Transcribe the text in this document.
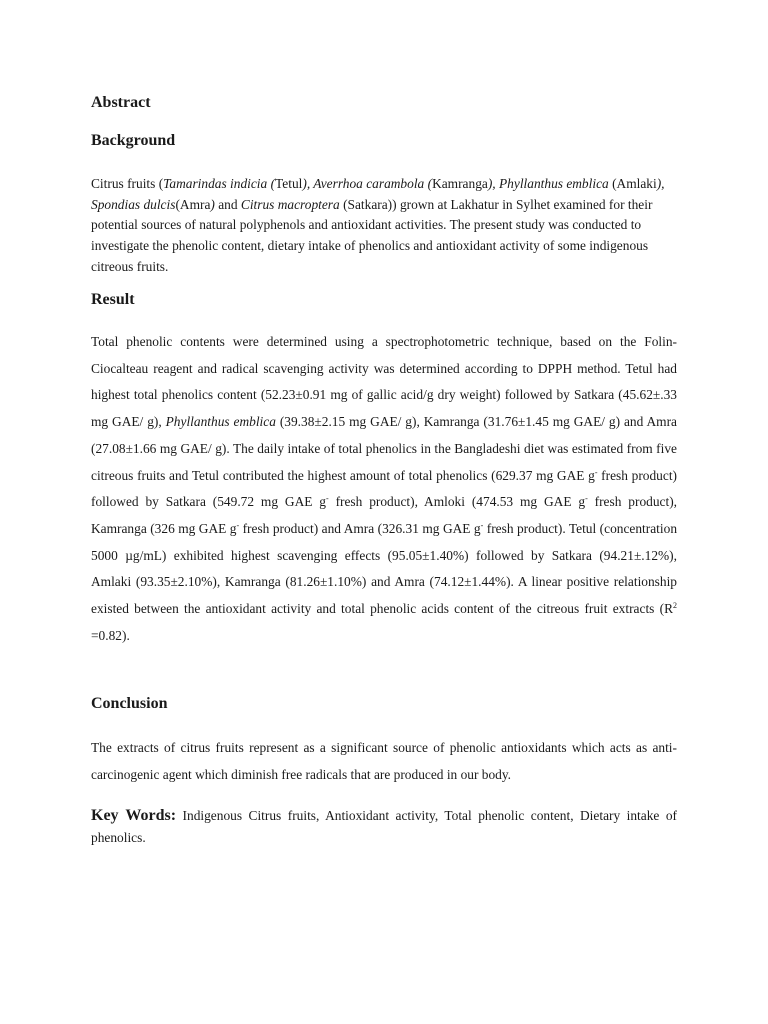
Abstract
Background

Citrus fruits (Tamarindas indicia (Tetul), Averrhoa carambola (Kamranga), Phyllanthus emblica (Amlaki), Spondias dulcis(Amra) and Citrus macroptera (Satkara)) grown at Lakhatur in Sylhet examined for their potential sources of natural polyphenols and antioxidant activities. The present study was conducted to investigate the phenolic content, dietary intake of phenolics and antioxidant activity of some indigenous citreous fruits.

Result

Total phenolic contents were determined using a spectrophotometric technique, based on the Folin-Ciocalteau reagent and radical scavenging activity was determined according to DPPH method. Tetul had highest total phenolics content (52.23±0.91 mg of gallic acid/g dry weight) followed by Satkara (45.62±.33 mg GAE/ g), Phyllanthus emblica (39.38±2.15 mg GAE/ g), Kamranga (31.76±1.45 mg GAE/ g) and Amra (27.08±1.66 mg GAE/ g). The daily intake of total phenolics in the Bangladeshi diet was estimated from five citreous fruits and Tetul contributed the highest amount of total phenolics (629.37 mg GAE g- fresh product) followed by Satkara (549.72 mg GAE g- fresh product), Amloki (474.53 mg GAE g- fresh product), Kamranga (326 mg GAE g- fresh product) and Amra (326.31 mg GAE g- fresh product). Tetul (concentration 5000 µg/mL) exhibited highest scavenging effects (95.05±1.40%) followed by Satkara (94.21±.12%), Amlaki (93.35±2.10%), Kamranga (81.26±1.10%) and Amra (74.12±1.44%). A linear positive relationship existed between the antioxidant activity and total phenolic acids content of the citreous fruit extracts $(R^2 =0.82)$.

Conclusion

The extracts of citrus fruits represent as a significant source of phenolic antioxidants which acts as anti-carcinogenic agent which diminish free radicals that are produced in our body.

Key Words: Indigenous Citrus fruits, Antioxidant activity, Total phenolic content, Dietary intake of phenolics.
